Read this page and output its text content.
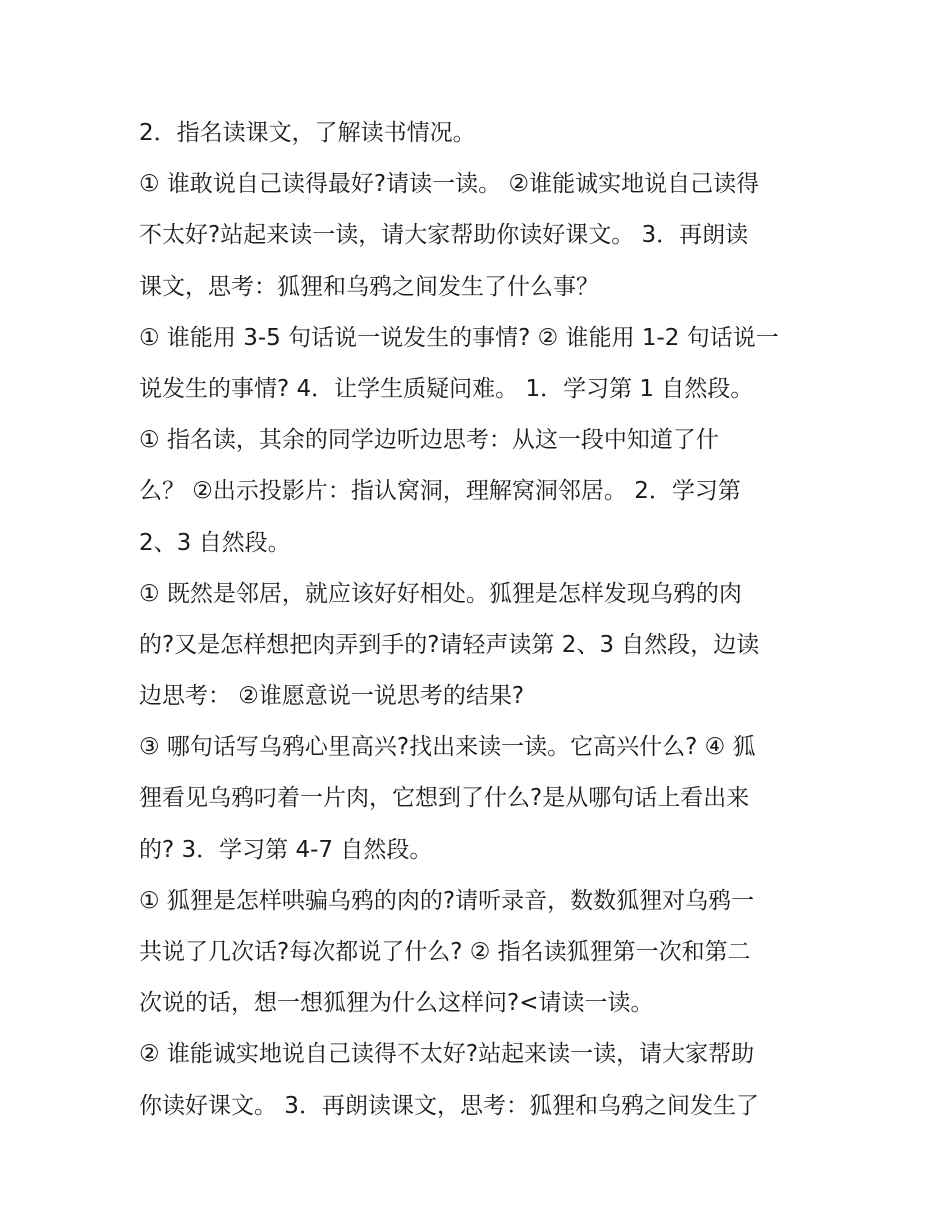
2．指名读课文，了解读书情况。
① 谁敢说自己读得最好?请读一读。 ②谁能诚实地说自己读得
不太好?站起来读一读，请大家帮助你读好课文。 3．再朗读
课文，思考：狐狸和乌鸦之间发生了什么事？
① 谁能用 3-5 句话说一说发生的事情? ② 谁能用 1-2 句话说一
说发生的事情? 4．让学生质疑问难。 1．学习第 1 自然段。
① 指名读，其余的同学边听边思考：从这一段中知道了什
么？ ②出示投影片：指认窝洞，理解窝洞邻居。 2．学习第
2、3 自然段。
① 既然是邻居，就应该好好相处。狐狸是怎样发现乌鸦的肉
的?又是怎样想把肉弄到手的?请轻声读第 2、3 自然段，边读
边思考： ②谁愿意说一说思考的结果?
③ 哪句话写乌鸦心里高兴?找出来读一读。它高兴什么? ④ 狐
狸看见乌鸦叼着一片肉，它想到了什么?是从哪句话上看出来
的? 3．学习第 4-7 自然段。
① 狐狸是怎样哄骗乌鸦的肉的?请听录音，数数狐狸对乌鸦一
共说了几次话?每次都说了什么? ② 指名读狐狸第一次和第二
次说的话，想一想狐狸为什么这样问?<请读一读。
② 谁能诚实地说自己读得不太好?站起来读一读，请大家帮助
你读好课文。 3．再朗读课文，思考：狐狸和乌鸦之间发生了
